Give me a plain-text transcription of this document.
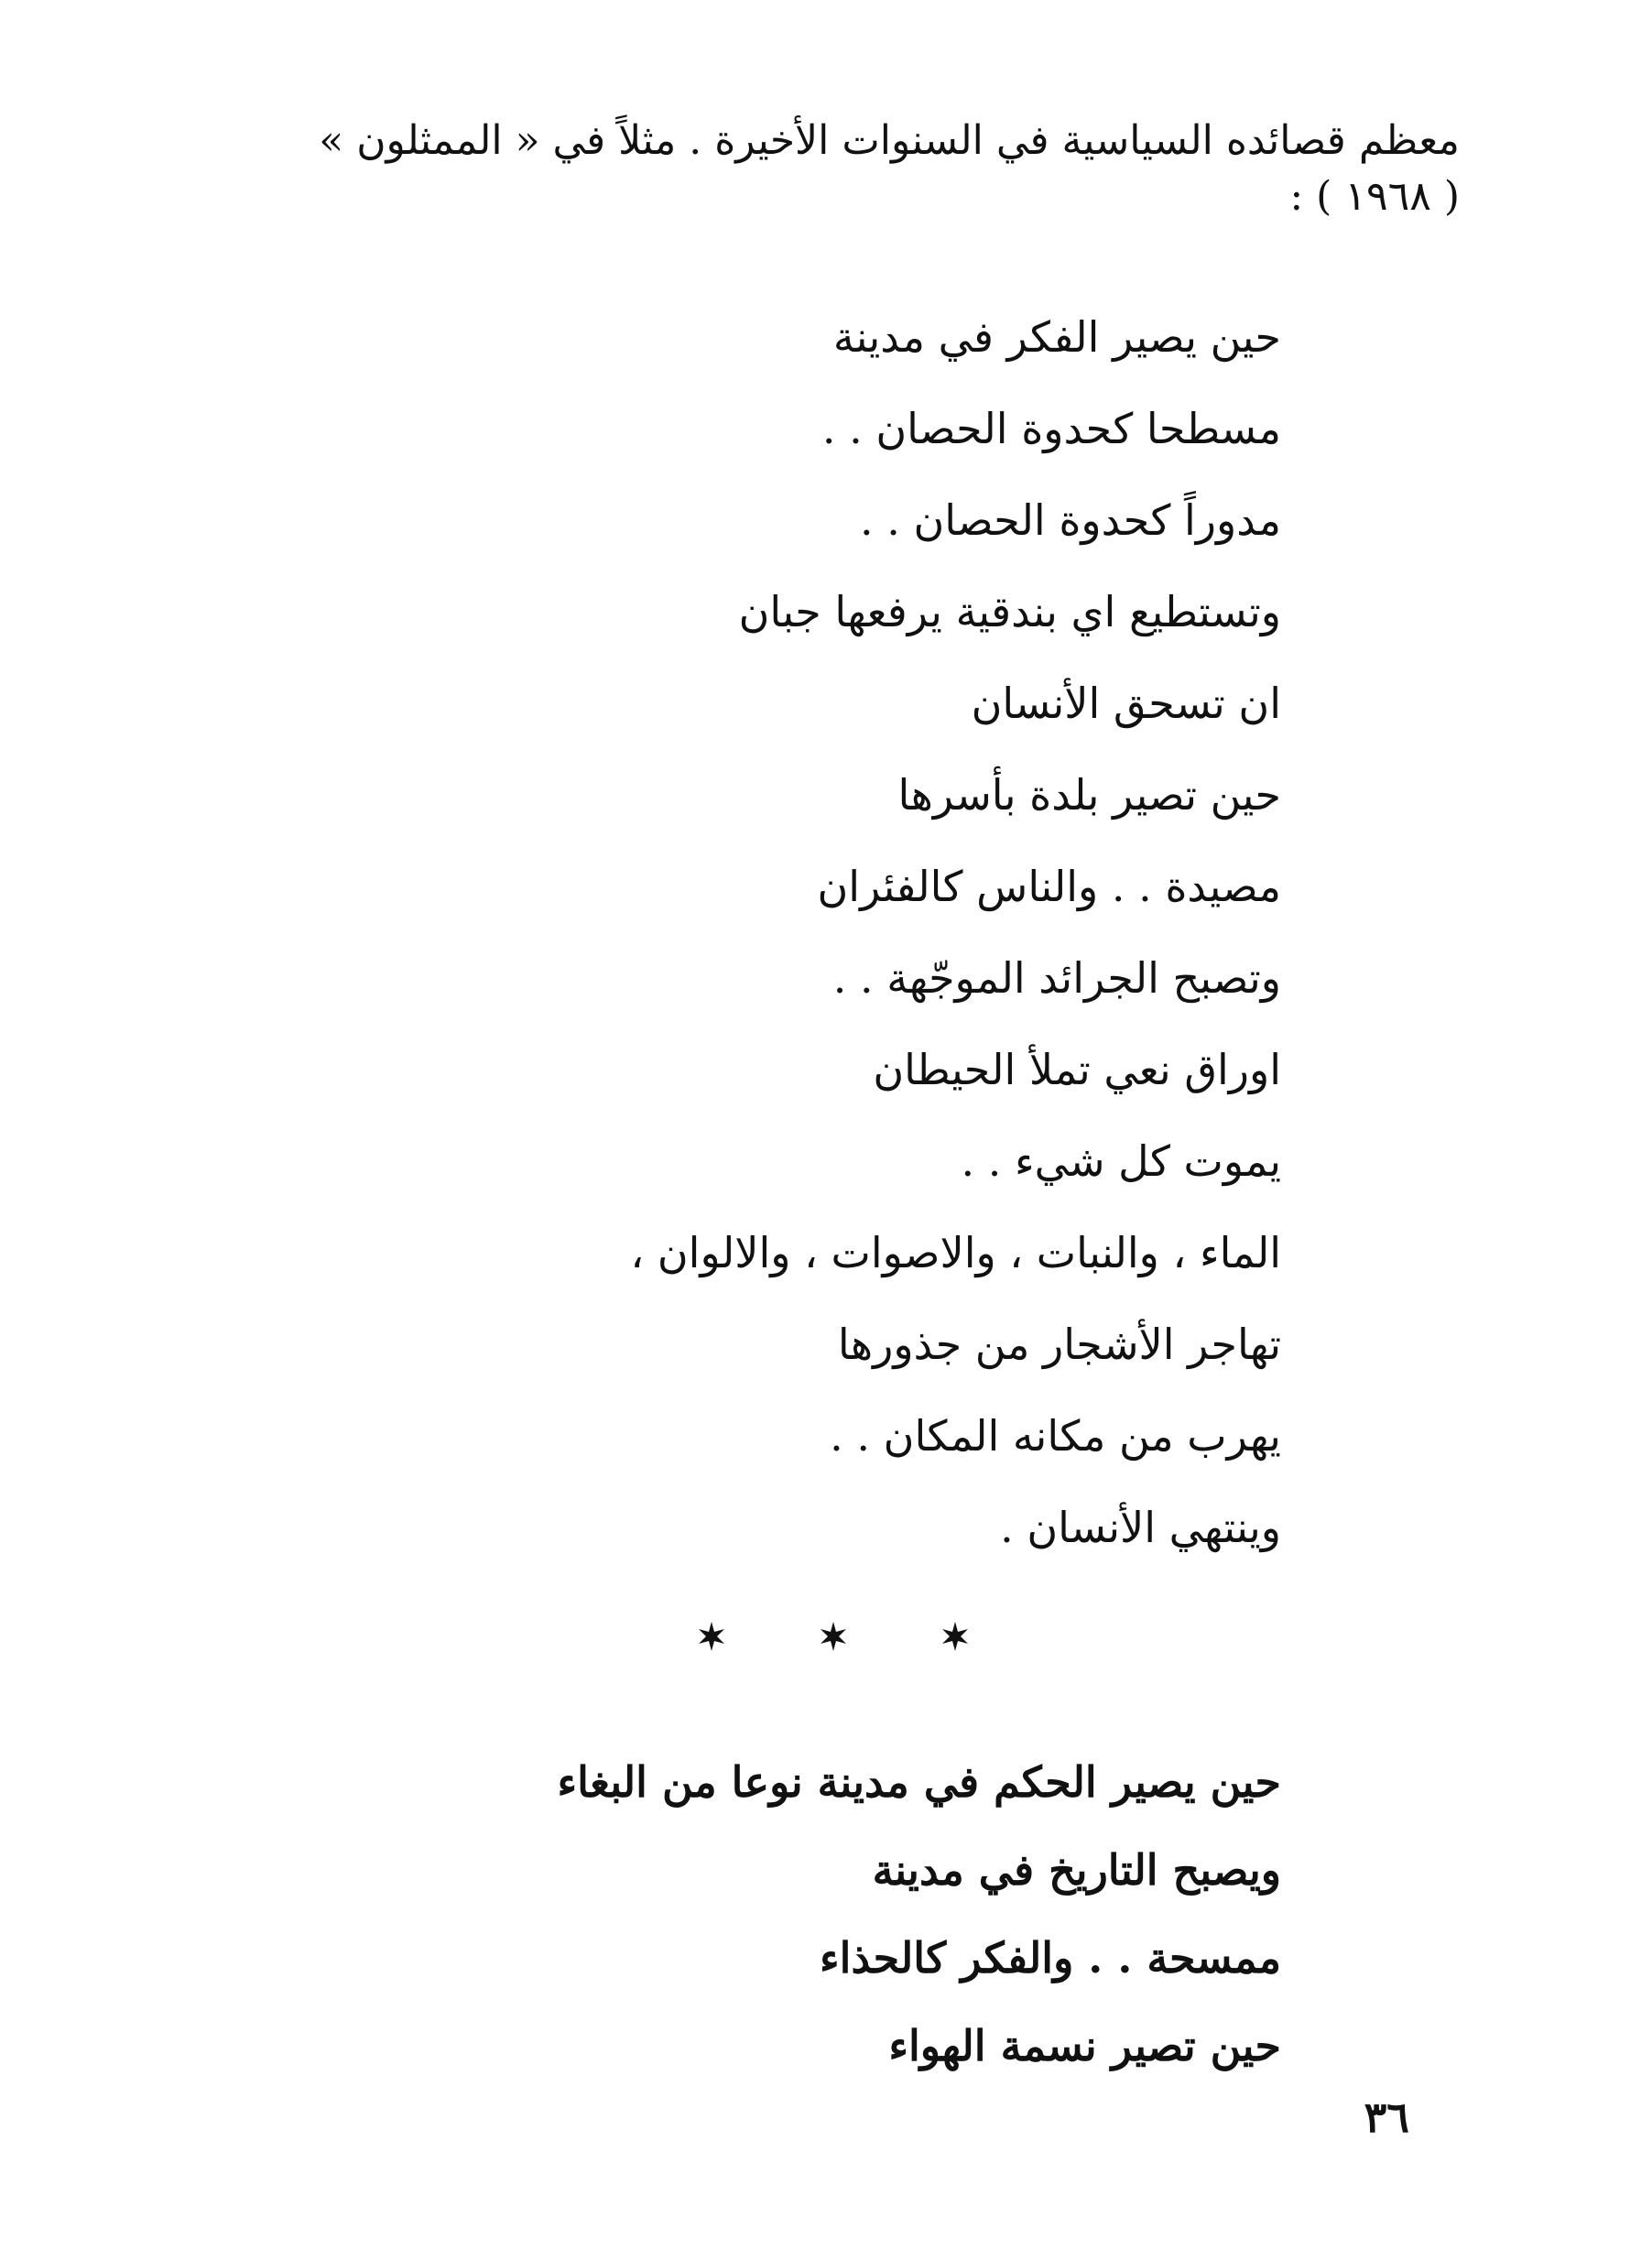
معظم قصائده السياسية في السنوات الأخيرة . مثلاً في « الممثلون »
( ١٩٦٨ ) :
حين يصير الفكر في مدينة
مسطحا كحدوة الحصان . .
مدوراً كحدوة الحصان . .
وتستطيع اي بندقية يرفعها جبان
ان تسحق الأنسان
حين تصير بلدة بأسرها
مصيدة . . والناس كالفئران
وتصبح الجرائد الموجّهة . .
اوراق نعي تملأ الحيطان
يموت كل شيء . .
الماء ، والنبات ، والاصوات ، والالوان ،
تهاجر الأشجار من جذورها
يهرب من مكانه المكان . .
وينتهي الأنسان .
حين يصير الحكم في مدينة نوعا من البغاء
ويصبح التاريخ في مدينة
ممسحة . . والفكر كالحذاء
حين تصير نسمة الهواء
٣٦
